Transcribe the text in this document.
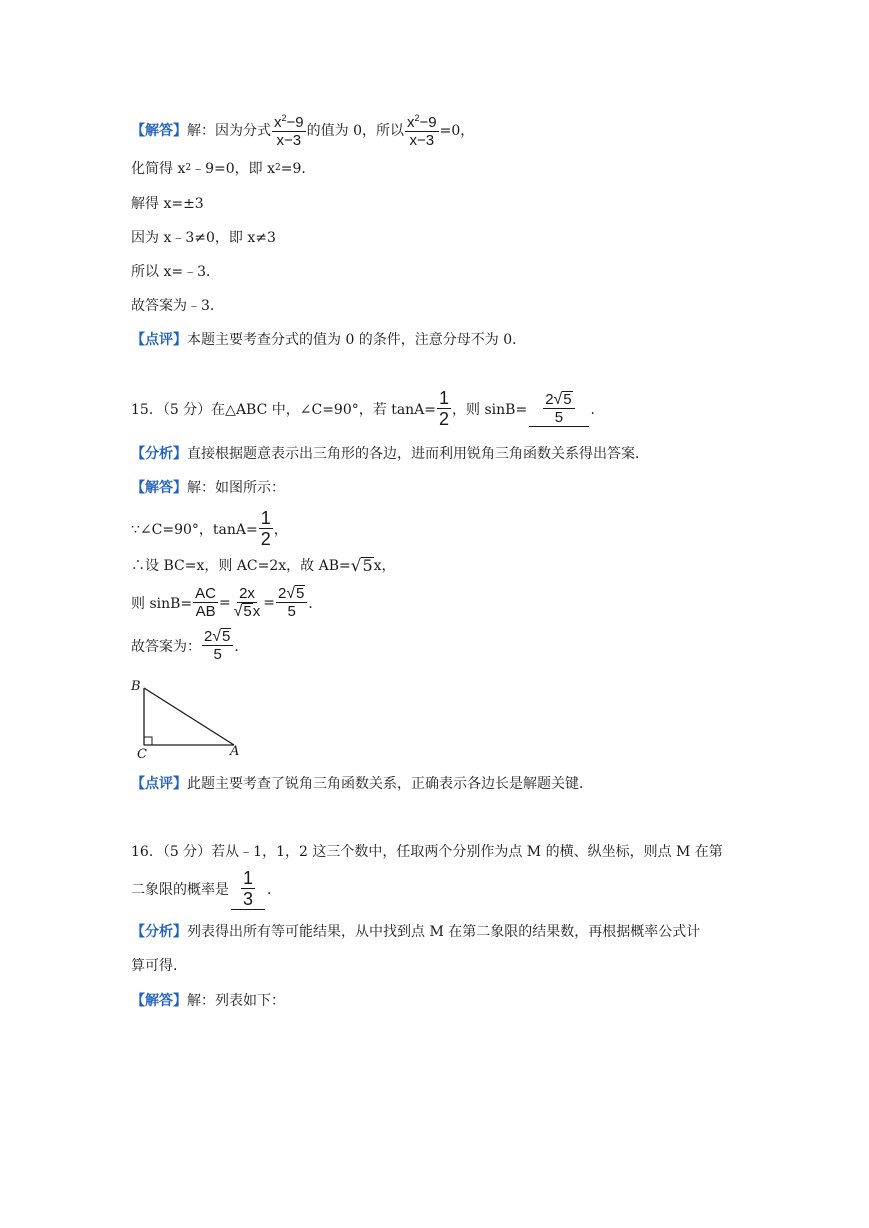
【解答】 解：因为分式 $\frac{x^2-9}{x-3}$ 的值为 0，所以 $\frac{x^2-9}{x-3} =0$，
化简得 x 2 ﹣9=0，即 x 2 =9．
解得 x=±3
因为 x﹣3≠0，即 x≠3
所以 x=﹣3．
故答案为﹣3．
【点评】 本题主要考查分式的值为 0 的条件，注意分母不为 0．
15．（5 分）在△ABC 中，∠C=90°，若 $\tan A= \frac{1}{2}$ ，则 $\sin B= \frac{2 √ 5}{5}$ ．
【分析】 直接根据题意表示出三角形的各边，进而利用锐角三角函数关系得出答案．
【解答】 解：如图所示：
∵∠C=90°，$\tan A= \frac{1}{2}$ ，
∴设 BC=x，则 AC=2x，故 AB= √ 5 x，
则 $\sin B= \frac{AC}{AB} = \frac{2x}{√ 5 x} = \frac{2 √ 5}{5}$ ．
故答案为： $\frac{2 √ 5}{5}$ ．
B
C	A
【点评】 此题主要考查了锐角三角函数关系，正确表示各边长是解题关键．
16．（5 分）若从﹣1，1，2 这三个数中，任取两个分别作为点 M 的横、纵坐标，则点 M 在第
二象限的概率是 $\frac{1}{3}$ ．
【分析】 列表得出所有等可能结果，从中找到点 M 在第二象限的结果数，再根据概率公式计
算可得．
【解答】 解：列表如下：
